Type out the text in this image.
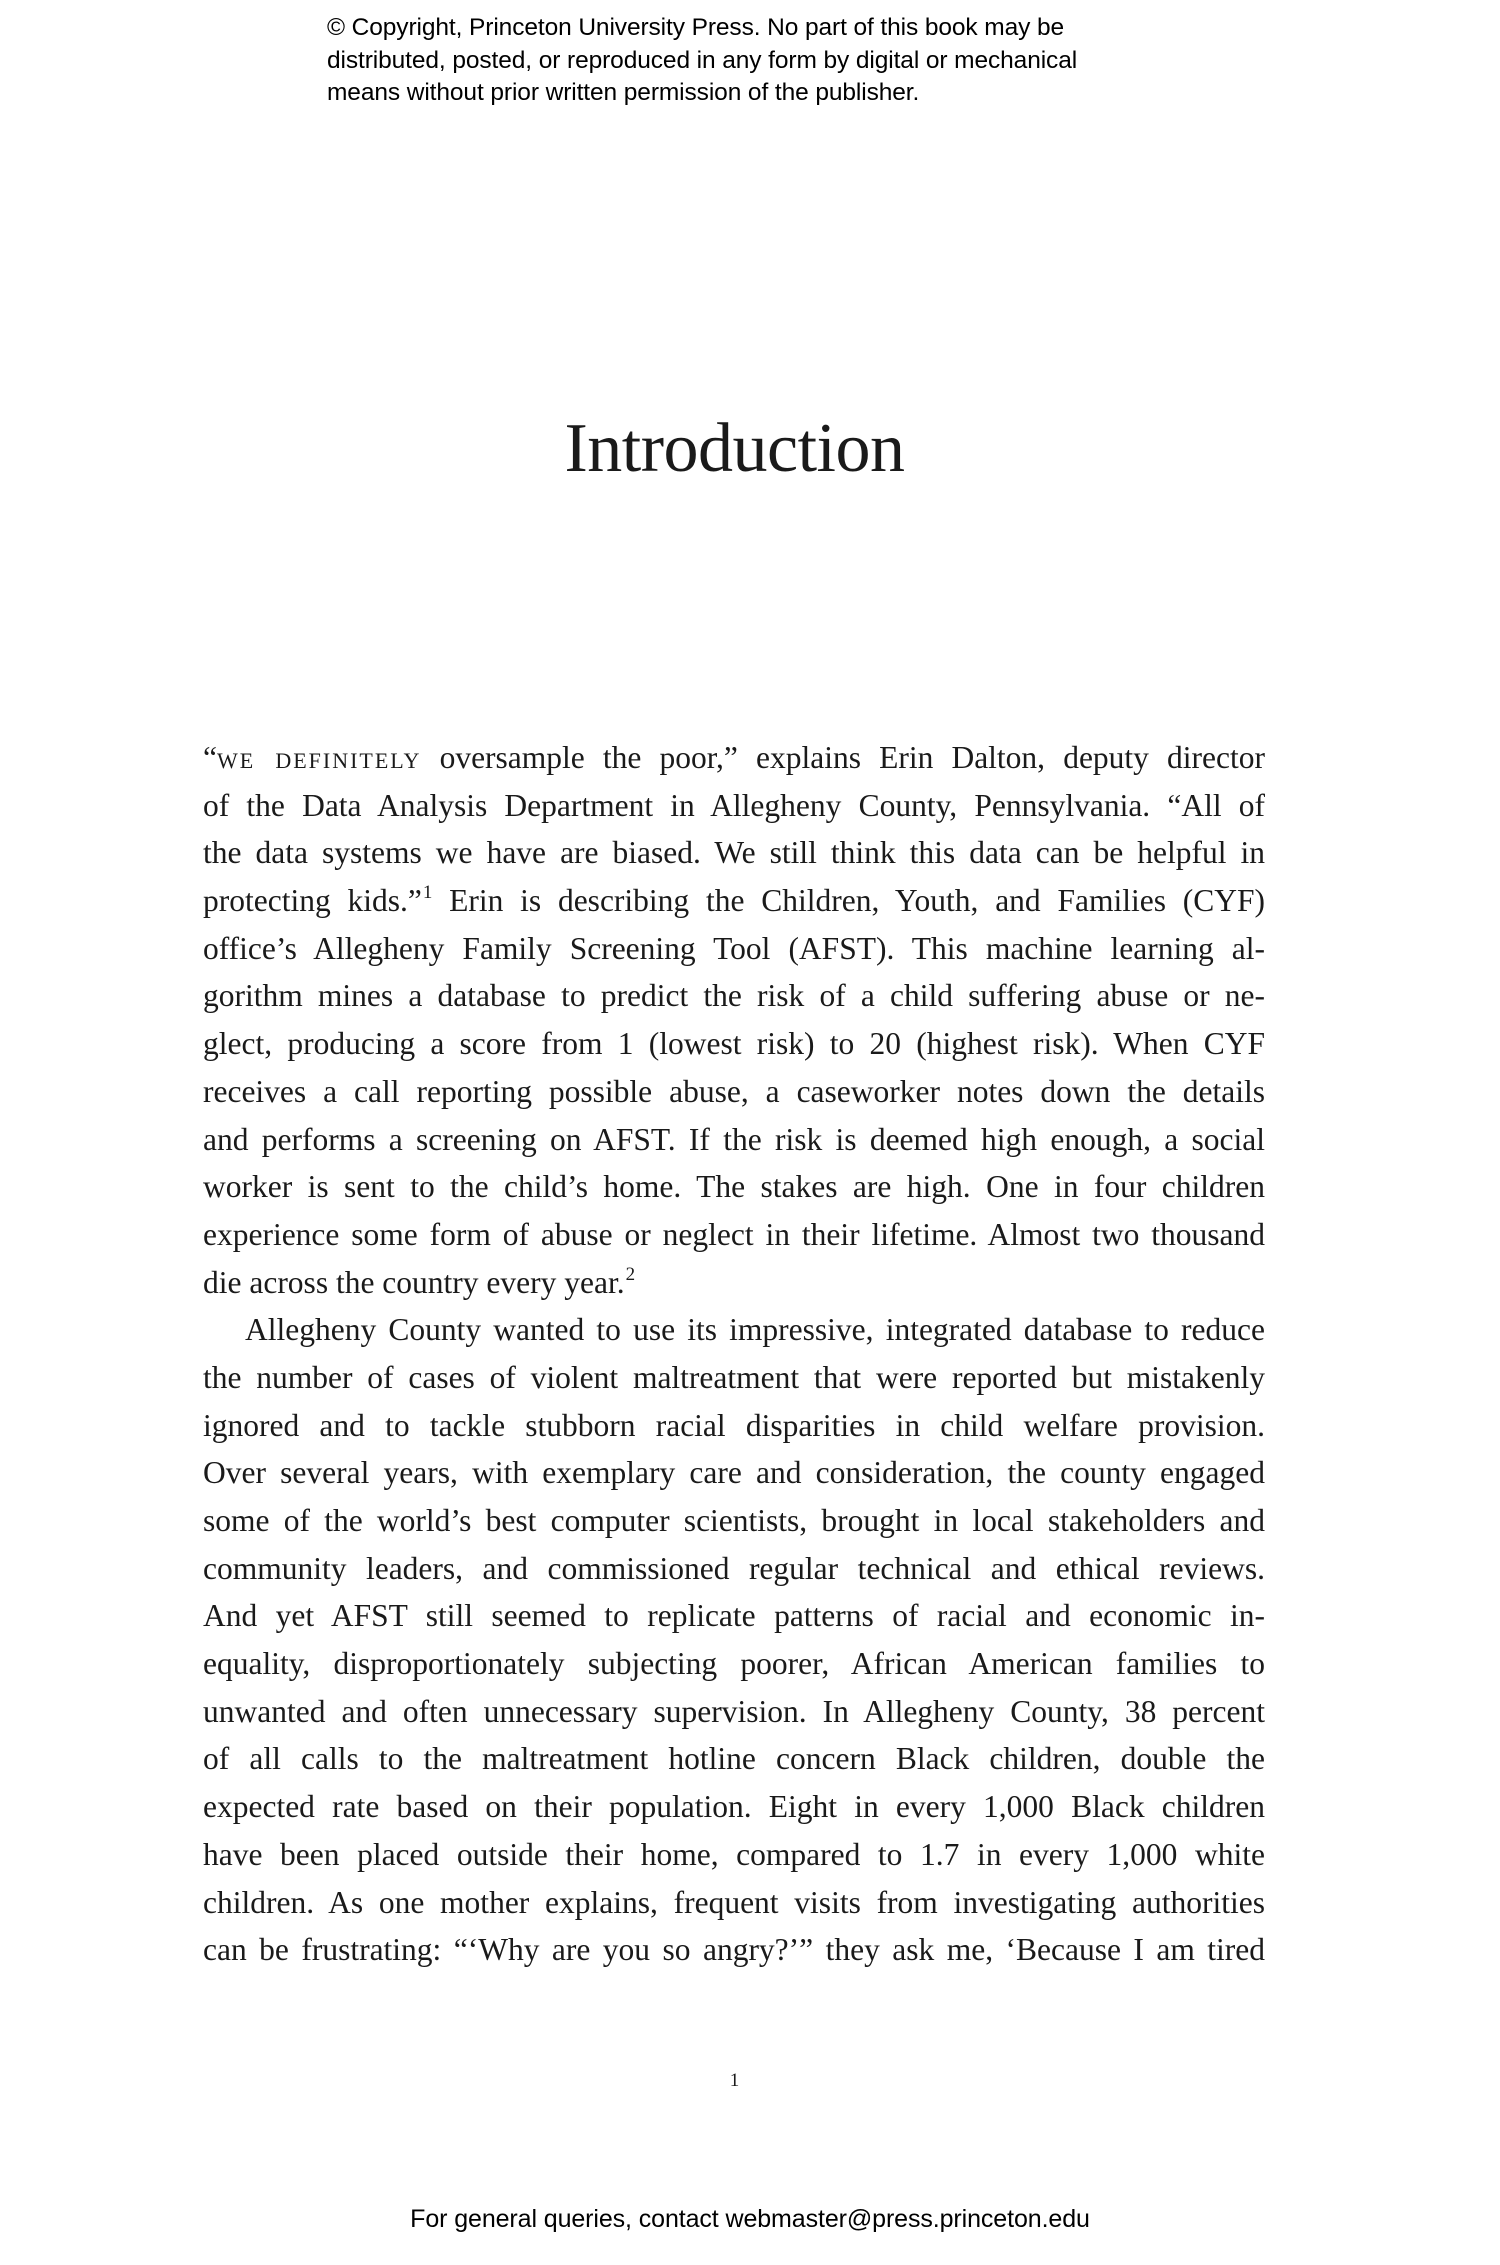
© Copyright, Princeton University Press. No part of this book may be
distributed, posted, or reproduced in any form by digital or mechanical
means without prior written permission of the publisher.
Introduction
“we definitely oversample the poor,” explains Erin Dalton, deputy director
of the Data Analysis Department in Allegheny County, Pennsylvania. “All of
the data systems we have are biased. We still think this data can be helpful in
protecting kids.”$^1$ Erin is describing the Children, Youth, and Families (CYF)
office’s Allegheny Family Screening Tool (AFST). This machine learning al-
gorithm mines a database to predict the risk of a child suffering abuse or ne-
glect, producing a score from 1 (lowest risk) to 20 (highest risk). When CYF
receives a call reporting possible abuse, a caseworker notes down the details
and performs a screening on AFST. If the risk is deemed high enough, a social
worker is sent to the child’s home. The stakes are high. One in four children
experience some form of abuse or neglect in their lifetime. Almost two thousand
die across the country every year.$^2$
Allegheny County wanted to use its impressive, integrated database to reduce
the number of cases of violent maltreatment that were reported but mistakenly
ignored and to tackle stubborn racial disparities in child welfare provision.
Over several years, with exemplary care and consideration, the county engaged
some of the world’s best computer scientists, brought in local stakeholders and
community leaders, and commissioned regular technical and ethical reviews.
And yet AFST still seemed to replicate patterns of racial and economic in-
equality, disproportionately subjecting poorer, African American families to
unwanted and often unnecessary supervision. In Allegheny County, 38 percent
of all calls to the maltreatment hotline concern Black children, double the
expected rate based on their population. Eight in every 1,000 Black children
have been placed outside their home, compared to 1.7 in every 1,000 white
children. As one mother explains, frequent visits from investigating authorities
can be frustrating: “‘Why are you so angry?’” they ask me, ‘Because I am tired
1
For general queries, contact webmaster@press.princeton.edu
